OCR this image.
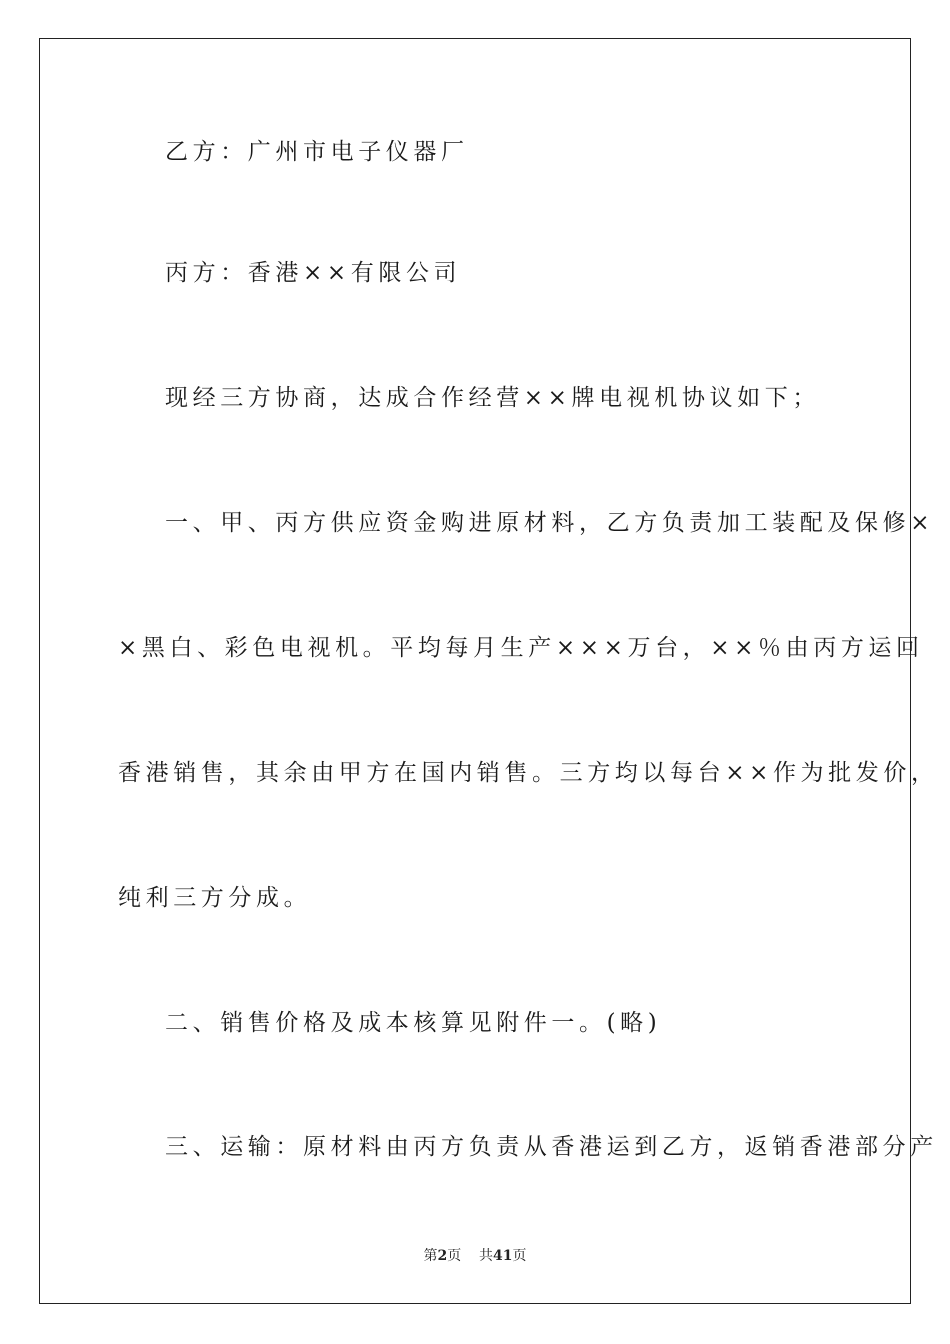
乙方：广州市电子仪器厂
丙方：香港××有限公司
现经三方协商，达成合作经营××牌电视机协议如下；
一、甲、丙方供应资金购进原材料，乙方负责加工装配及保修×
×黑白、彩色电视机。平均每月生产×××万台，××％由丙方运回
香港销售，其余由甲方在国内销售。三方均以每台××作为批发价，
纯利三方分成。
二、销售价格及成本核算见附件一。(略)
三、运输：原材料由丙方负责从香港运到乙方，返销香港部分产
第2页 共41页
